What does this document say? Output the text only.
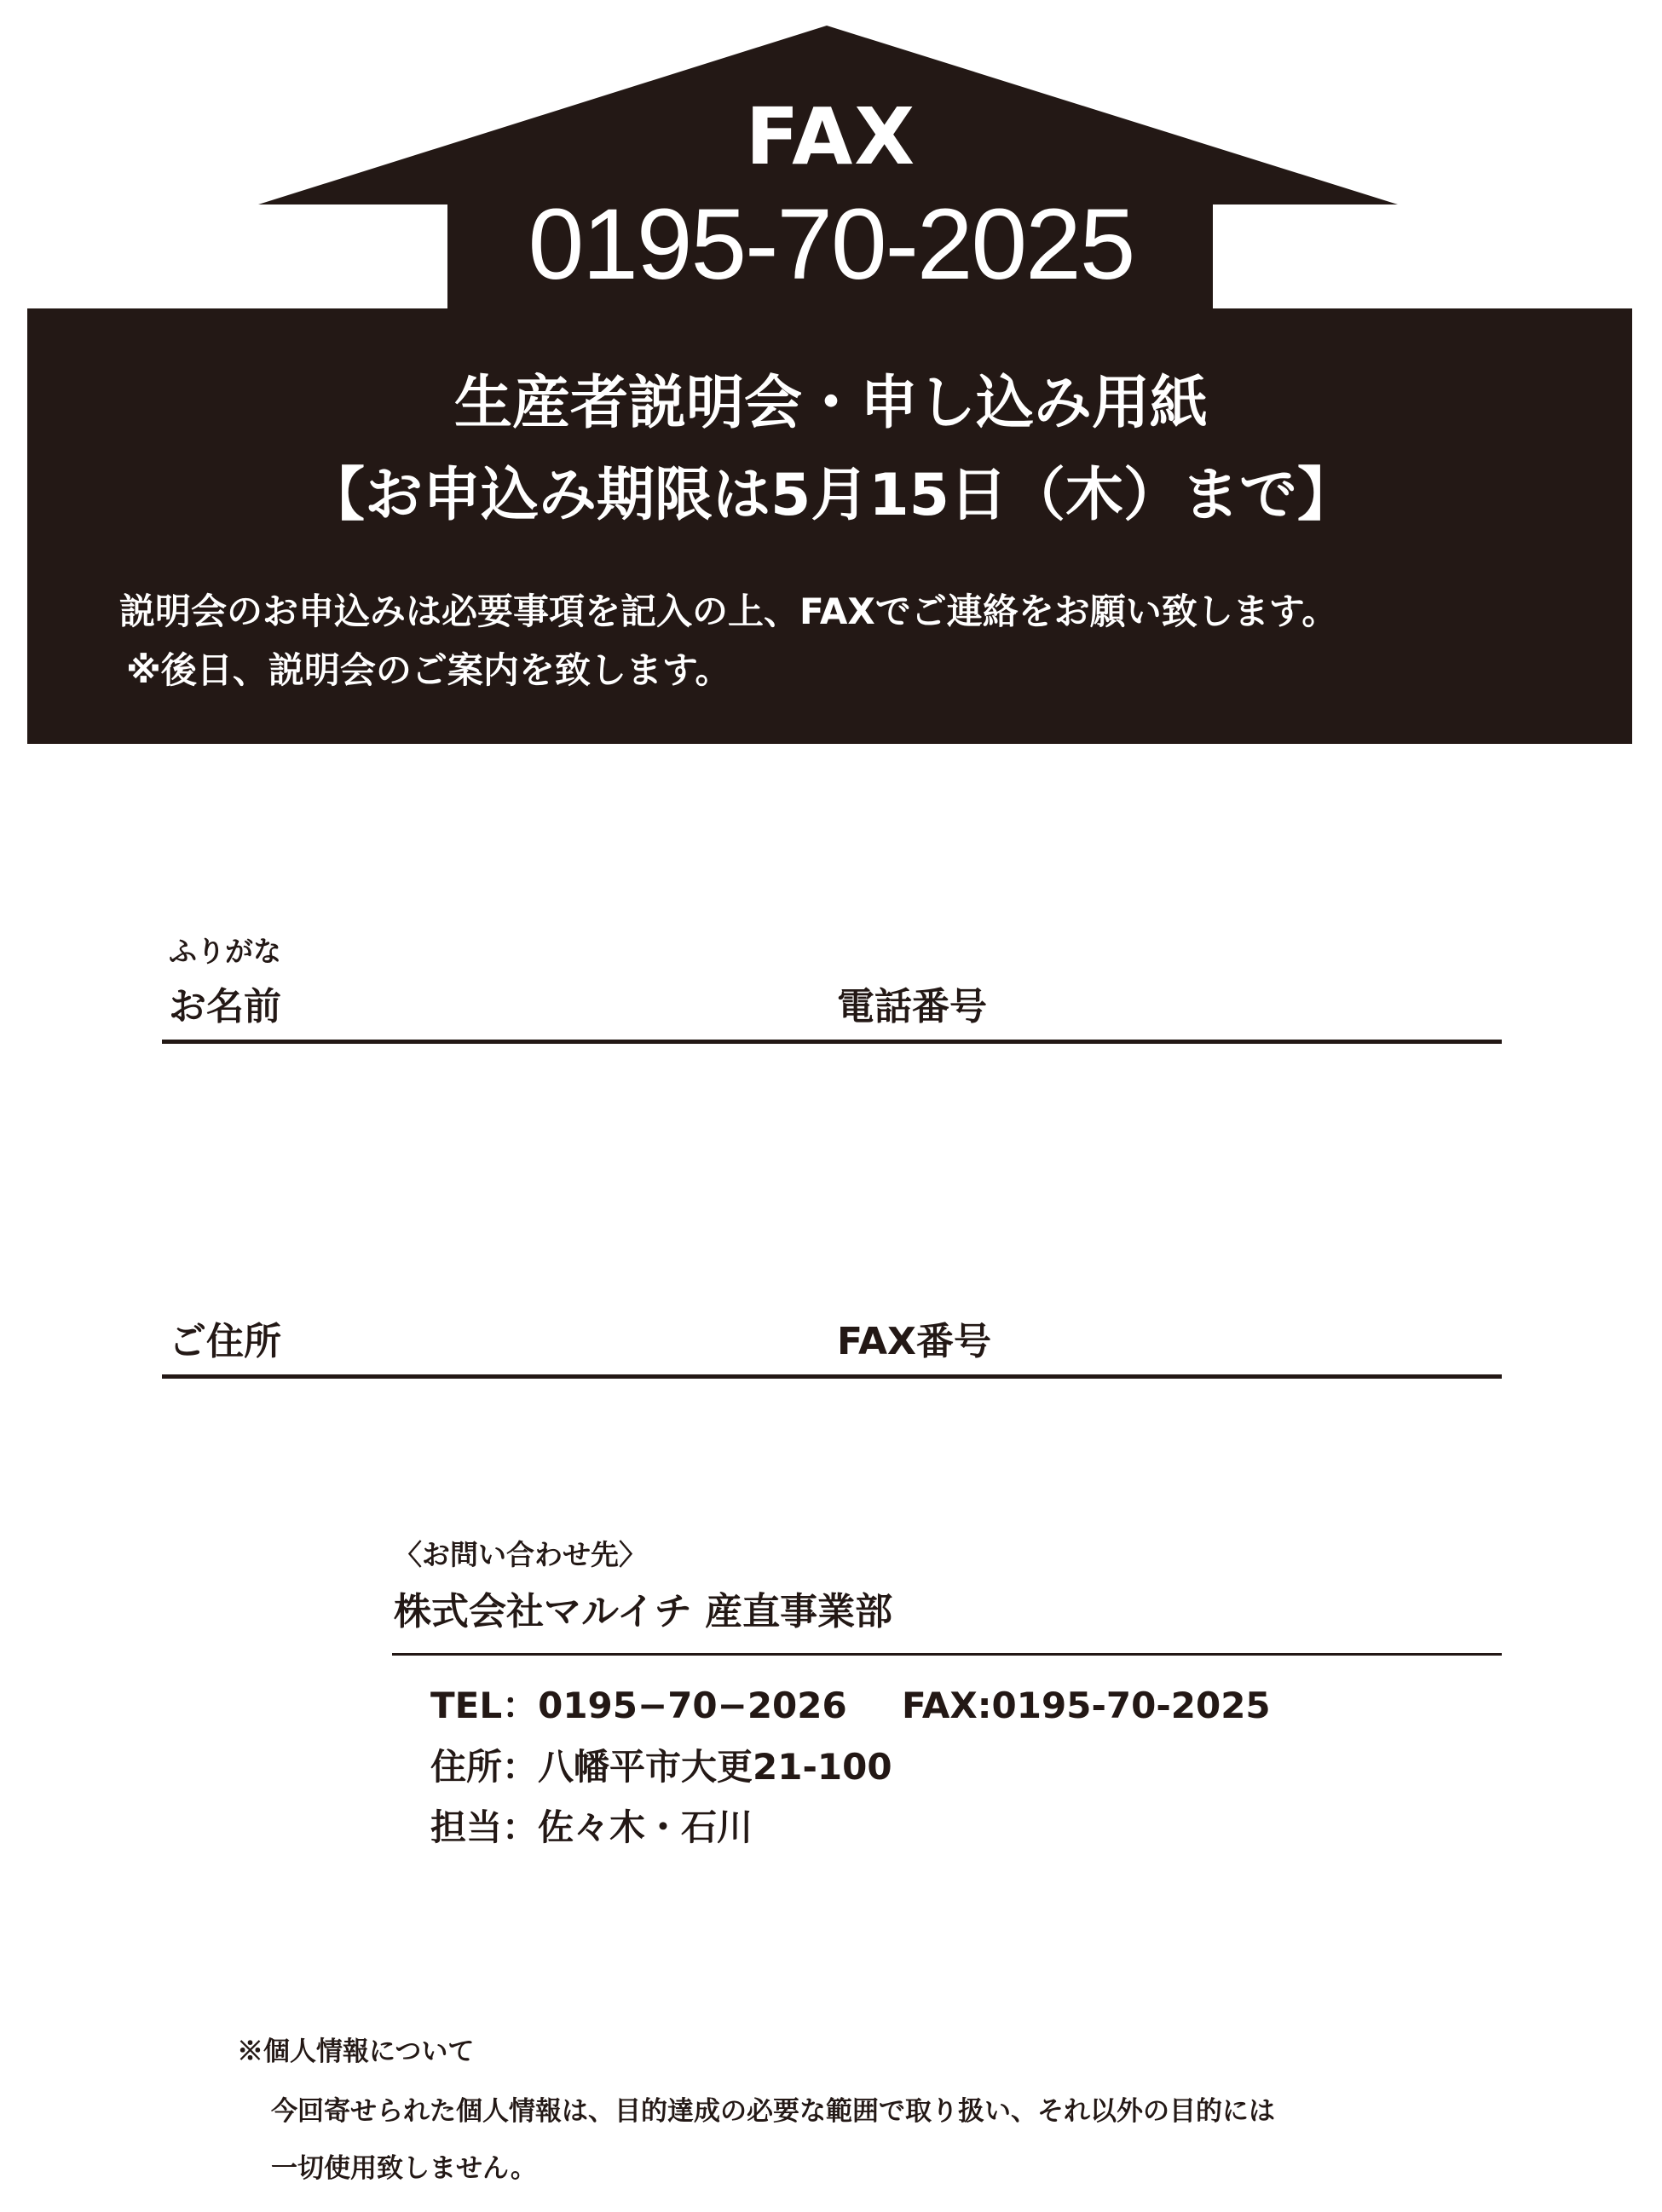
FAX
0195-70-2025
生産者説明会・申し込み用紙
【お申込み期限は5月15日（木）まで】
説明会のお申込みは必要事項を記入の上、FAXでご連絡をお願い致します。
※後日、説明会のご案内を致します。
ふりがな
お名前	電話番号
ご住所	FAX番号
〈お問い合わせ先〉
株式会社マルイチ 産直事業部
TEL：0195−70−2026 FAX:0195-70-2025
住所：八幡平市大更21-100
担当：佐々木・石川
※個人情報について
今回寄せられた個人情報は、目的達成の必要な範囲で取り扱い、それ以外の目的には
一切使用致しません。
